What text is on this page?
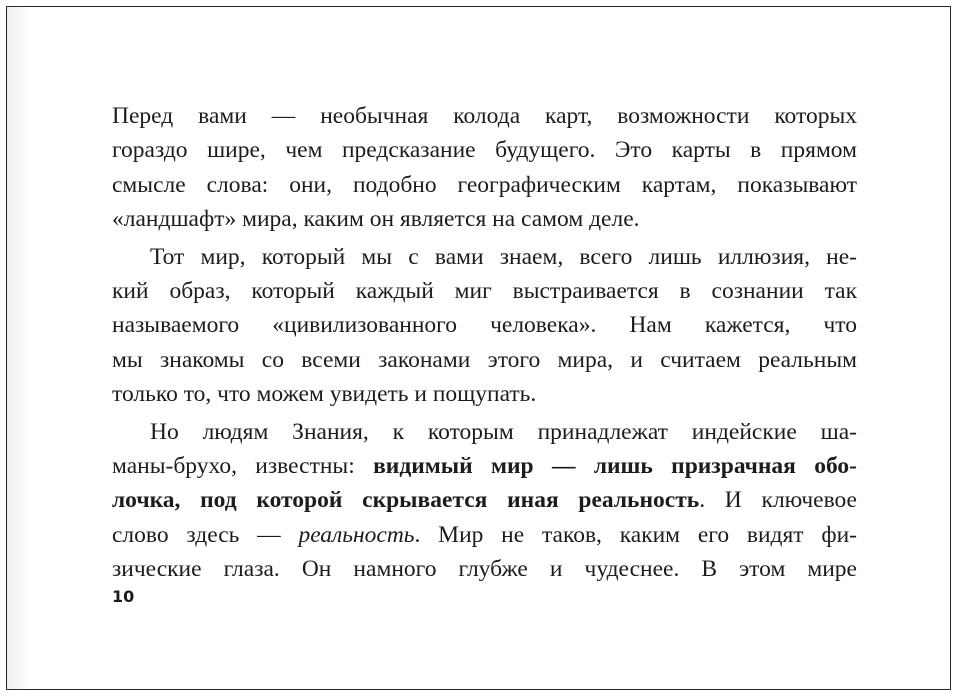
Перед вами — необычная колода карт, возможности которых
гораздо шире, чем предсказание будущего. Это карты в прямом
смысле слова: они, подобно географическим картам, показывают
«ландшафт» мира, каким он является на самом деле.
Тот мир, который мы с вами знаем, всего лишь иллюзия, не-
кий образ, который каждый миг выстраивается в сознании так
называемого «цивилизованного человека». Нам кажется, что
мы знакомы со всеми законами этого мира, и считаем реальным
только то, что можем увидеть и пощупать.
Но людям Знания, к которым принадлежат индейские ша-
маны-брухо, известны: видимый мир — лишь призрачная обо-
лочка, под которой скрывается иная реальность. И ключевое
слово здесь — реальность. Мир не таков, каким его видят фи-
зические глаза. Он намного глубже и чудеснее. В этом мире
10
